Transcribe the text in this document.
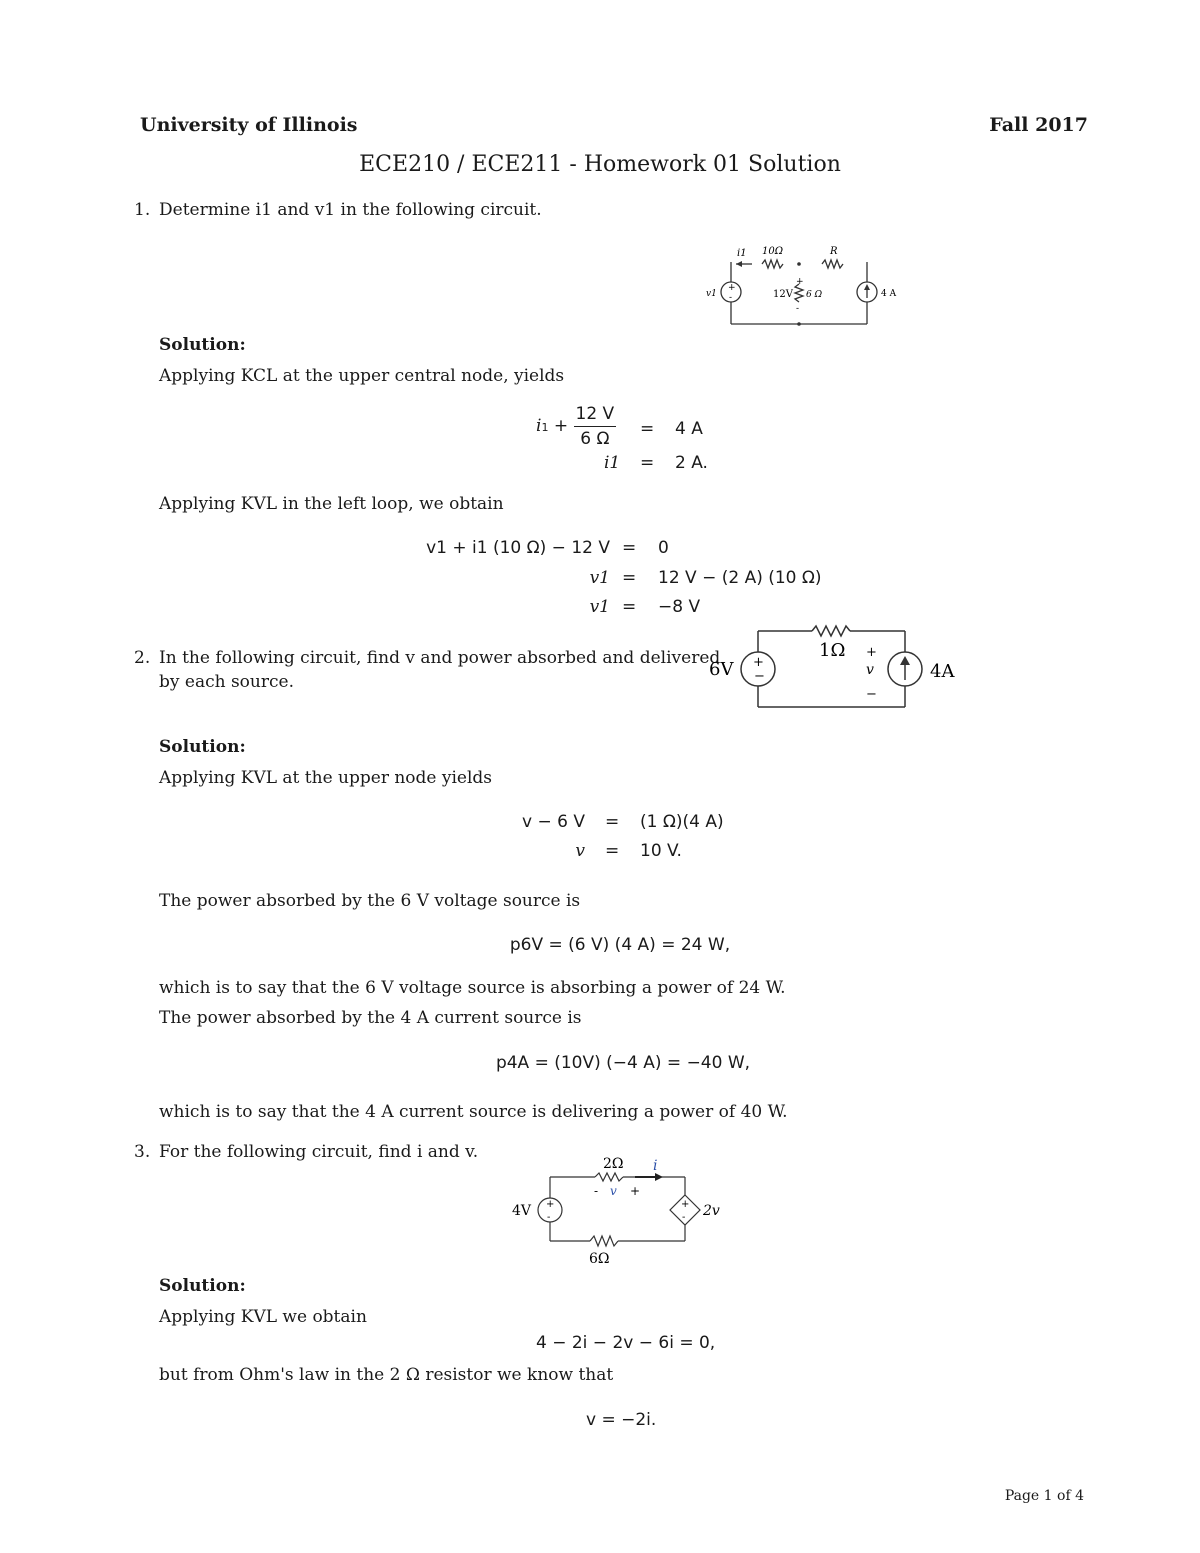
University of Illinois	Fall 2017
ECE210 / ECE211 - Homework 01 Solution
1. Determine i1 and v1 in the following circuit.
i1 10Ω	R
v1
+
-	12V
+
-
6 Ω	4 A
Solution:
Applying KCL at the upper central node, yields
$i1 + \frac{12 V}{6 \Omega} = 4$ A
i1 = 2 A.
Applying KVL in the left loop, we obtain
v1 + i1 (10 Ω) − 12 V = 0
v1 = 12 V − (2 A) (10 Ω)
v1 = −8 V
2. In the following circuit, find v and power absorbed and delivered
by each source.
+
−
6V
1Ω +
v
−
4A
Solution:
Applying KVL at the upper node yields
v − 6 V = (1 Ω)(4 A)
v = 10 V.
The power absorbed by the 6 V voltage source is
p6V = (6 V) (4 A) = 24 W,
which is to say that the 6 V voltage source is absorbing a power of 24 W.
The power absorbed by the 4 A current source is
p4A = (10V) (−4 A) = −40 W,
which is to say that the 4 A current source is delivering a power of 40 W.
3. For the following circuit, find i and v.
2Ω i
- v +
+
-
+
-
4V	2v
6Ω
Solution:
Applying KVL we obtain
4 − 2i − 2v − 6i = 0,
but from Ohm's law in the 2 Ω resistor we know that
v = −2i.
Page 1 of 4
